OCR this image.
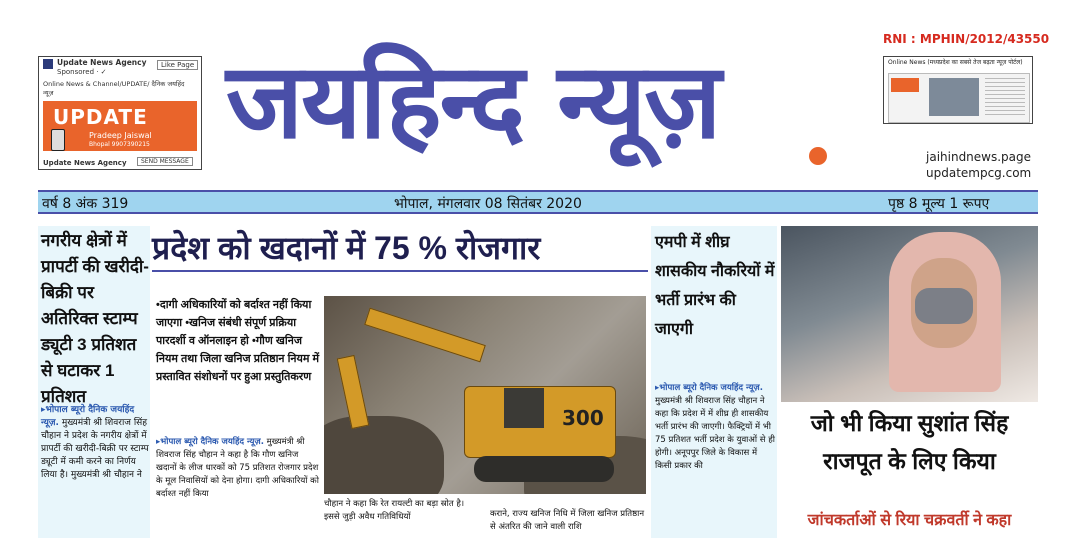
Update News Agency
Sponsored · ✓
Like Page
Online News & Channel/UPDATE/ दैनिक जयहिंद न्यूज़
UPDATE
Pradeep Jaiswal
Bhopal 9907390215
Update News Agency	SEND MESSAGE जयहिन्द न्यूज़
RNI : MPHIN/2012/43550
Online News (मध्यप्रदेश का सबसे तेज बढ़ता न्यूज़ पोर्टल)
jaihindnews.page
updatempcg.com
वर्ष 8 अंक 319	भोपाल, मंगलवार 08 सितंबर 2020	पृष्ठ 8 मूल्य 1 रूपए
नगरीय क्षेत्रों में प्रापर्टी की खरीदी-बिक्री पर अतिरिक्त स्टाम्प ड्यूटी 3 प्रतिशत से घटाकर 1 प्रतिशत
▸भोपाल ब्यूरो दैनिक जयहिंद न्यूज़. मुख्यमंत्री श्री शिवराज सिंह चौहान ने प्रदेश के नगरीय क्षेत्रों में प्रापर्टी की खरीदी-बिक्री पर स्टाम्प ड्यूटी में कमी करने का निर्णय लिया है। मुख्यमंत्री श्री चौहान ने
प्रदेश को खदानों में 75 % रोजगार
•दागी अधिकारियों को बर्दाश्त नहीं किया जाएगा •खनिज संबंधी संपूर्ण प्रक्रिया पारदर्शी व ऑनलाइन हो •गौण खनिज नियम तथा जिला खनिज प्रतिष्ठान नियम में प्रस्तावित संशोधनों पर हुआ प्रस्तुतिकरण
▸भोपाल ब्यूरो दैनिक जयहिंद न्यूज़. मुख्यमंत्री श्री शिवराज सिंह चौहान ने कहा है कि गौण खनिज खदानों के लीज धारकों को 75 प्रतिशत रोजगार प्रदेश के मूल निवासियों को देना होगा। दागी अधिकारियों को बर्दाश्त नहीं किया
300
चौहान ने कहा कि रेत रायल्टी का बड़ा स्रोत है। इससे जुड़ी अवैध गतिविधियों	कराने, राज्य खनिज निधि में जिला खनिज प्रतिष्ठान से अंतरित की जाने वाली राशि
एमपी में शीघ्र शासकीय नौकरियों में भर्ती प्रारंभ की जाएगी
▸भोपाल ब्यूरो दैनिक जयहिंद न्यूज़. मुख्यमंत्री श्री शिवराज सिंह चौहान ने कहा कि प्रदेश में में शीघ्र ही शासकीय भर्ती प्रारंभ की जाएगी। फैक्ट्रियों में भी 75 प्रतिशत भर्ती प्रदेश के युवाओं से ही होगी। अनूपपुर जिले के विकास में किसी प्रकार की
जो भी किया सुशांत सिंह राजपूत के लिए किया
जांचकर्ताओं से रिया चक्रवर्ती ने कहा
